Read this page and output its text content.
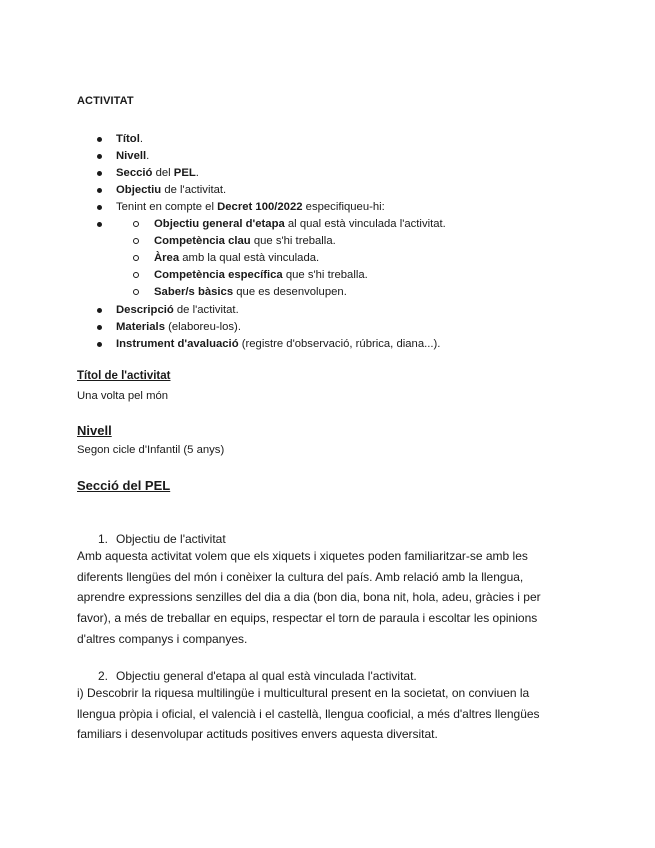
ACTIVITAT
Títol.
Nivell.
Secció del PEL.
Objectiu de l'activitat.
Tenint en compte el Decret 100/2022 especifiqueu-hi:
Objectiu general d'etapa al qual està vinculada l'activitat.
Competència clau que s'hi treballa.
Àrea amb la qual està vinculada.
Competència específica que s'hi treballa.
Saber/s bàsics que es desenvolupen.
Descripció de l'activitat.
Materials (elaboreu-los).
Instrument d'avaluació (registre d'observació, rúbrica, diana...).
Títol de l'activitat
Una volta pel món
Nivell
Segon cicle d'Infantil (5 anys)
Secció del PEL
1. Objectiu de l'activitat
Amb aquesta activitat volem que els xiquets i xiquetes poden familiaritzar-se amb les
diferents llengües del món i conèixer la cultura del país. Amb relació amb la llengua,
aprendre expressions senzilles del dia a dia (bon dia, bona nit, hola, adeu, gràcies i per
favor), a més de treballar en equips, respectar el torn de paraula i escoltar les opinions
d'altres companys i companyes.
2. Objectiu general d'etapa al qual està vinculada l'activitat.
i) Descobrir la riquesa multilingüe i multicultural present en la societat, on conviuen la
llengua pròpia i oficial, el valencià i el castellà, llengua cooficial, a més d'altres llengües
familiars i desenvolupar actituds positives envers aquesta diversitat.
